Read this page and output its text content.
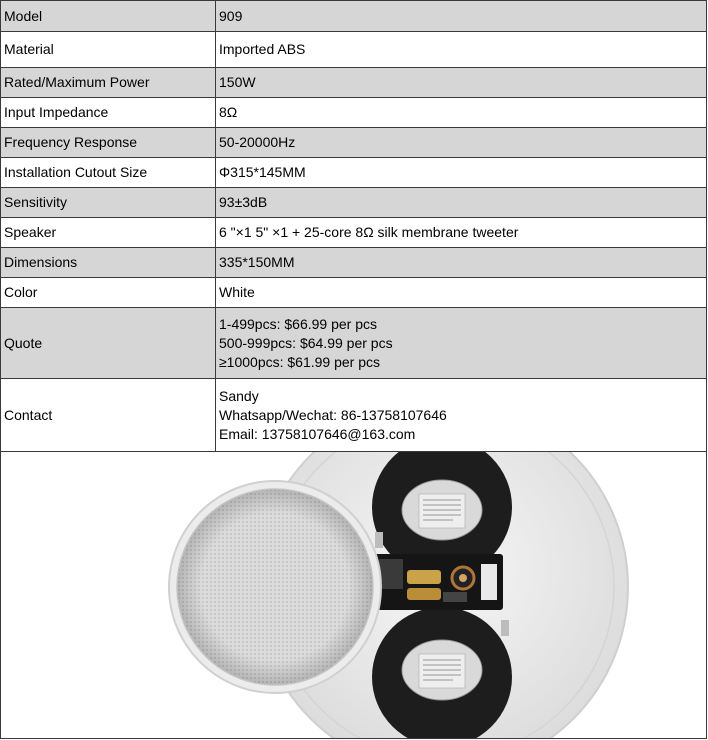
Model	909
Material	Imported ABS
Rated/Maximum Power	150W
Input Impedance	8Ω
Frequency Response	50-20000Hz
Installation Cutout Size	Φ315*145MM
Sensitivity	93±3dB
Speaker	6 "×1 5" ×1 + 25-core 8Ω silk membrane tweeter
Dimensions	335*150MM
Color	White
Quote	1-499pcs: $66.99 per pcs
500-999pcs: $64.99 per pcs
≥1000pcs: $61.99 per pcs

Contact	Sandy
Whatsapp/Wechat: 86-13758107646
Email: 13758107646@163.com
